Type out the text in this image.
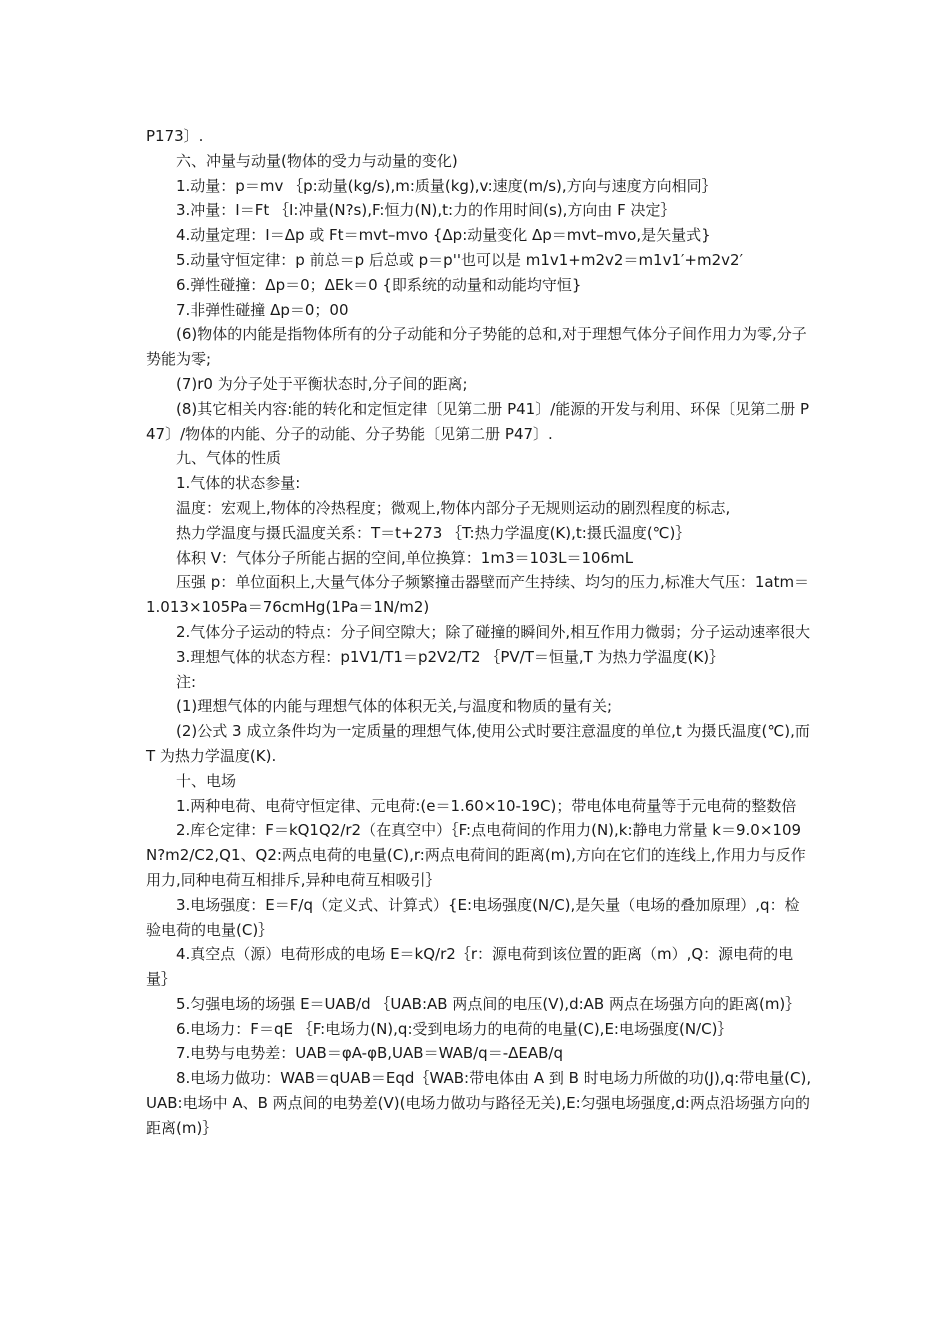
P173〕.

六、冲量与动量(物体的受力与动量的变化)

1.动量：p＝mv ｛p:动量(kg/s),m:质量(kg),v:速度(m/s),方向与速度方向相同｝

3.冲量：I＝Ft ｛I:冲量(N?s),F:恒力(N),t:力的作用时间(s),方向由 F 决定｝

4.动量定理：I＝Δp 或 Ft＝mvt–mvo {Δp:动量变化 Δp＝mvt–mvo,是矢量式}

5.动量守恒定律：p 前总＝p 后总或 p＝p''也可以是 m1v1+m2v2＝m1v1′+m2v2′

6.弹性碰撞：Δp＝0；ΔEk＝0 {即系统的动量和动能均守恒}

7.非弹性碰撞 Δp＝0；00

(6)物体的内能是指物体所有的分子动能和分子势能的总和,对于理想气体分子间作用力为零,分子势能为零;

(7)r0 为分子处于平衡状态时,分子间的距离;

(8)其它相关内容:能的转化和定恒定律〔见第二册 P41〕/能源的开发与利用、环保〔见第二册 P47〕/物体的内能、分子的动能、分子势能〔见第二册 P47〕.

九、气体的性质

1.气体的状态参量:

温度：宏观上,物体的冷热程度；微观上,物体内部分子无规则运动的剧烈程度的标志,

热力学温度与摄氏温度关系：T＝t+273 ｛T:热力学温度(K),t:摄氏温度(℃)｝

体积 V：气体分子所能占据的空间,单位换算：1m3＝103L＝106mL

压强 p：单位面积上,大量气体分子频繁撞击器壁而产生持续、均匀的压力,标准大气压：1atm＝1.013×105Pa＝76cmHg(1Pa＝1N/m2)

2.气体分子运动的特点：分子间空隙大；除了碰撞的瞬间外,相互作用力微弱；分子运动速率很大

3.理想气体的状态方程：p1V1/T1＝p2V2/T2 ｛PV/T＝恒量,T 为热力学温度(K)｝

注:

(1)理想气体的内能与理想气体的体积无关,与温度和物质的量有关;

(2)公式 3 成立条件均为一定质量的理想气体,使用公式时要注意温度的单位,t 为摄氏温度(℃),而 T 为热力学温度(K).

十、电场

1.两种电荷、电荷守恒定律、元电荷:(e＝1.60×10-19C)；带电体电荷量等于元电荷的整数倍

2.库仑定律：F＝kQ1Q2/r2（在真空中）｛F:点电荷间的作用力(N),k:静电力常量 k＝9.0×109N?m2/C2,Q1、Q2:两点电荷的电量(C),r:两点电荷间的距离(m),方向在它们的连线上,作用力与反作用力,同种电荷互相排斥,异种电荷互相吸引｝

3.电场强度：E＝F/q（定义式、计算式）{E:电场强度(N/C),是矢量（电场的叠加原理）,q：检验电荷的电量(C)｝

4.真空点（源）电荷形成的电场 E＝kQ/r2｛r：源电荷到该位置的距离（m）,Q：源电荷的电量｝

5.匀强电场的场强 E＝UAB/d ｛UAB:AB 两点间的电压(V),d:AB 两点在场强方向的距离(m)｝

6.电场力：F＝qE ｛F:电场力(N),q:受到电场力的电荷的电量(C),E:电场强度(N/C)｝

7.电势与电势差：UAB＝φA-φB,UAB＝WAB/q＝-ΔEAB/q

8.电场力做功：WAB＝qUAB＝Eqd｛WAB:带电体由 A 到 B 时电场力所做的功(J),q:带电量(C),UAB:电场中 A、B 两点间的电势差(V)(电场力做功与路径无关),E:匀强电场强度,d:两点沿场强方向的距离(m)｝
